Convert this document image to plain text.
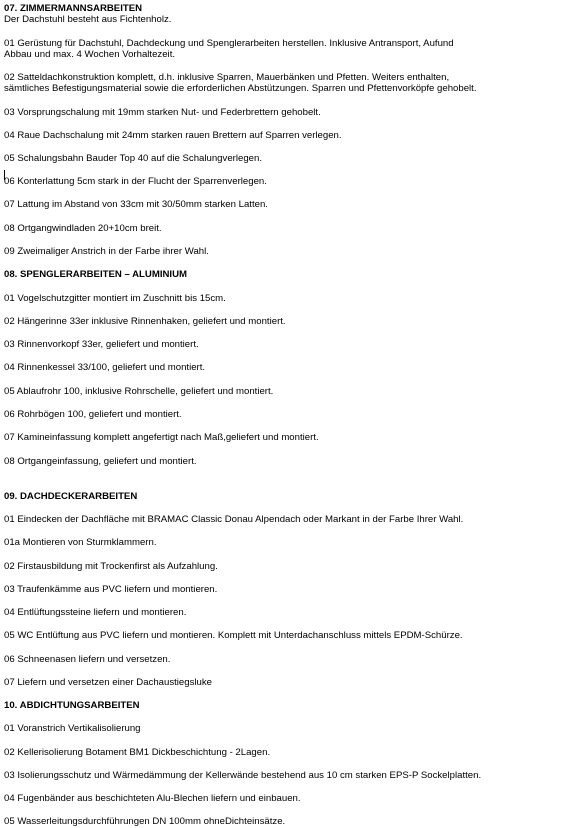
07. ZIMMERMANNSARBEITEN
Der Dachstuhl besteht aus Fichtenholz.
01 Gerüstung für Dachstuhl, Dachdeckung und Spenglerarbeiten herstellen. Inklusive Antransport, Aufund
Abbau und max. 4 Wochen Vorhaltezeit.
02 Satteldachkonstruktion komplett, d.h. inklusive Sparren, Mauerbänken und Pfetten. Weiters enthalten,
sämtliches Befestigungsmaterial sowie die erforderlichen Abstützungen. Sparren und Pfettenvorköpfe gehobelt.
03 Vorsprungschalung mit 19mm starken Nut- und Federbrettern gehobelt.
04 Raue Dachschalung mit 24mm starken rauen Brettern auf Sparren verlegen.
05 Schalungsbahn Bauder Top 40 auf die Schalungverlegen.
06 Konterlattung 5cm stark in der Flucht der Sparrenverlegen.
07 Lattung im Abstand von 33cm mit 30/50mm starken Latten.
08 Ortgangwindladen 20+10cm breit.
09 Zweimaliger Anstrich in der Farbe ihrer Wahl.
08. SPENGLERARBEITEN – ALUMINIUM
01 Vogelschutzgitter montiert im Zuschnitt bis 15cm.
02 Hängerinne 33er inklusive Rinnenhaken, geliefert und montiert.
03 Rinnenvorkopf 33er, geliefert und montiert.
04 Rinnenkessel 33/100, geliefert und montiert.
05 Ablaufrohr 100, inklusive Rohrschelle, geliefert und montiert.
06 Rohrbögen 100, geliefert und montiert.
07 Kamineinfassung komplett angefertigt nach Maß,geliefert und montiert.
08 Ortgangeinfassung, geliefert und montiert.
09. DACHDECKERARBEITEN
01 Eindecken der Dachfläche mit BRAMAC Classic Donau Alpendach oder Markant in der Farbe Ihrer Wahl.
01a Montieren von Sturmklammern.
02 Firstausbildung mit Trockenfirst als Aufzahlung.
03 Traufenkämme aus PVC liefern und montieren.
04 Entlüftungssteine liefern und montieren.
05 WC Entlüftung aus PVC liefern und montieren. Komplett mit Unterdachanschluss mittels EPDM-Schürze.
06 Schneenasen liefern und versetzen.
07 Liefern und versetzen einer Dachaustiegsluke
10. ABDICHTUNGSARBEITEN
01 Voranstrich Vertikalisolierung
02 Kellerisolierung Botament BM1 Dickbeschichtung - 2Lagen.
03 Isolierungsschutz und Wärmedämmung der Kellerwände bestehend aus 10 cm starken EPS-P Sockelplatten.
04 Fugenbänder aus beschichteten Alu-Blechen liefern und einbauen.
05 Wasserleitungsdurchführungen DN 100mm ohneDichteinsätze.
